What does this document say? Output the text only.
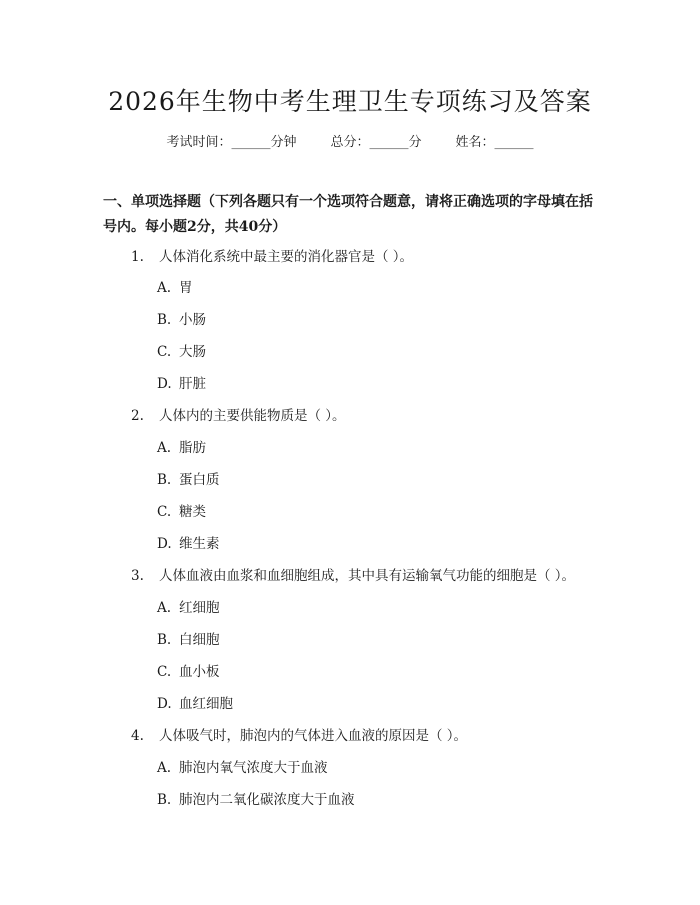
2026年生物中考生理卫生专项练习及答案
考试时间：______分钟	总分：______分	姓名：______
一、单项选择题（下列各题只有一个选项符合题意，请将正确选项的字母填在括号内。每小题2分，共40分）
1. 人体消化系统中最主要的消化器官是（ ）。
A. 胃
B. 小肠
C. 大肠
D. 肝脏
2. 人体内的主要供能物质是（ ）。
A. 脂肪
B. 蛋白质
C. 糖类
D. 维生素
3. 人体血液由血浆和血细胞组成，其中具有运输氧气功能的细胞是（ ）。
A. 红细胞
B. 白细胞
C. 血小板
D. 血红细胞
4. 人体吸气时，肺泡内的气体进入血液的原因是（ ）。
A. 肺泡内氧气浓度大于血液
B. 肺泡内二氧化碳浓度大于血液
